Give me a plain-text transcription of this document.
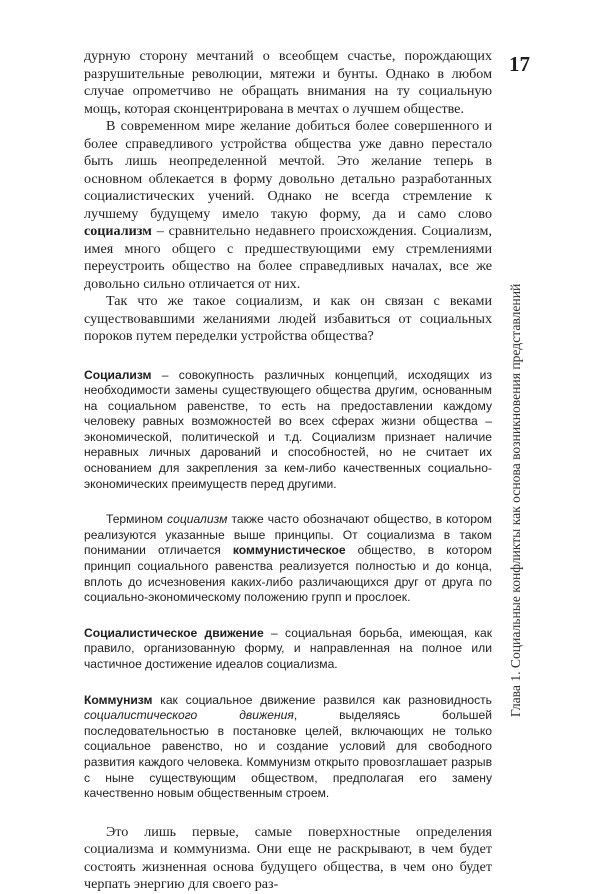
17
Глава 1. Социальные конфликты как основа возникновения представлений

дурную сторону мечтаний о всеобщем счастье, порождающих разрушительные революции, мятежи и бунты. Однако в любом случае опрометчиво не обращать внимания на ту социальную мощь, которая сконцентрирована в мечтах о лучшем обществе.

В современном мире желание добиться более совершенного и более справедливого устройства общества уже давно перестало быть лишь неопределенной мечтой. Это желание теперь в основном облекается в форму довольно детально разработанных социалистических учений. Однако не всегда стремление к лучшему будущему имело такую форму, да и само слово социализм – сравнительно недавнего происхождения. Социализм, имея много общего с предшествующими ему стремлениями переустроить общество на более справедливых началах, все же довольно сильно отличается от них.

Так что же такое социализм, и как он связан с веками существовавшими желаниями людей избавиться от социальных пороков путем переделки устройства общества?

Социализм – совокупность различных концепций, исходящих из необходимости замены существующего общества другим, основанным на социальном равенстве, то есть на предоставлении каждому человеку равных возможностей во всех сферах жизни общества – экономической, политической и т.д. Социализм признает наличие неравных личных дарований и способностей, но не считает их основанием для закрепления за кем-либо качественных социально-экономических преимуществ перед другими.

Термином социализм также часто обозначают общество, в котором реализуются указанные выше принципы. От социализма в таком понимании отличается коммунистическое общество, в котором принцип социального равенства реализуется полностью и до конца, вплоть до исчезновения каких-либо различающихся друг от друга по социально-экономическому положению групп и прослоек.

Социалистическое движение – социальная борьба, имеющая, как правило, организованную форму, и направленная на полное или частичное достижение идеалов социализма.

Коммунизм как социальное движение развился как разновидность социалистического движения, выделяясь большей последовательностью в постановке целей, включающих не только социальное равенство, но и создание условий для свободного развития каждого человека. Коммунизм открыто провозглашает разрыв с ныне существующим обществом, предполагая его замену качественно новым общественным строем.

Это лишь первые, самые поверхностные определения социализма и коммунизма. Они еще не раскрывают, в чем будет состоять жизненная основа будущего общества, в чем оно будет черпать энергию для своего раз-
